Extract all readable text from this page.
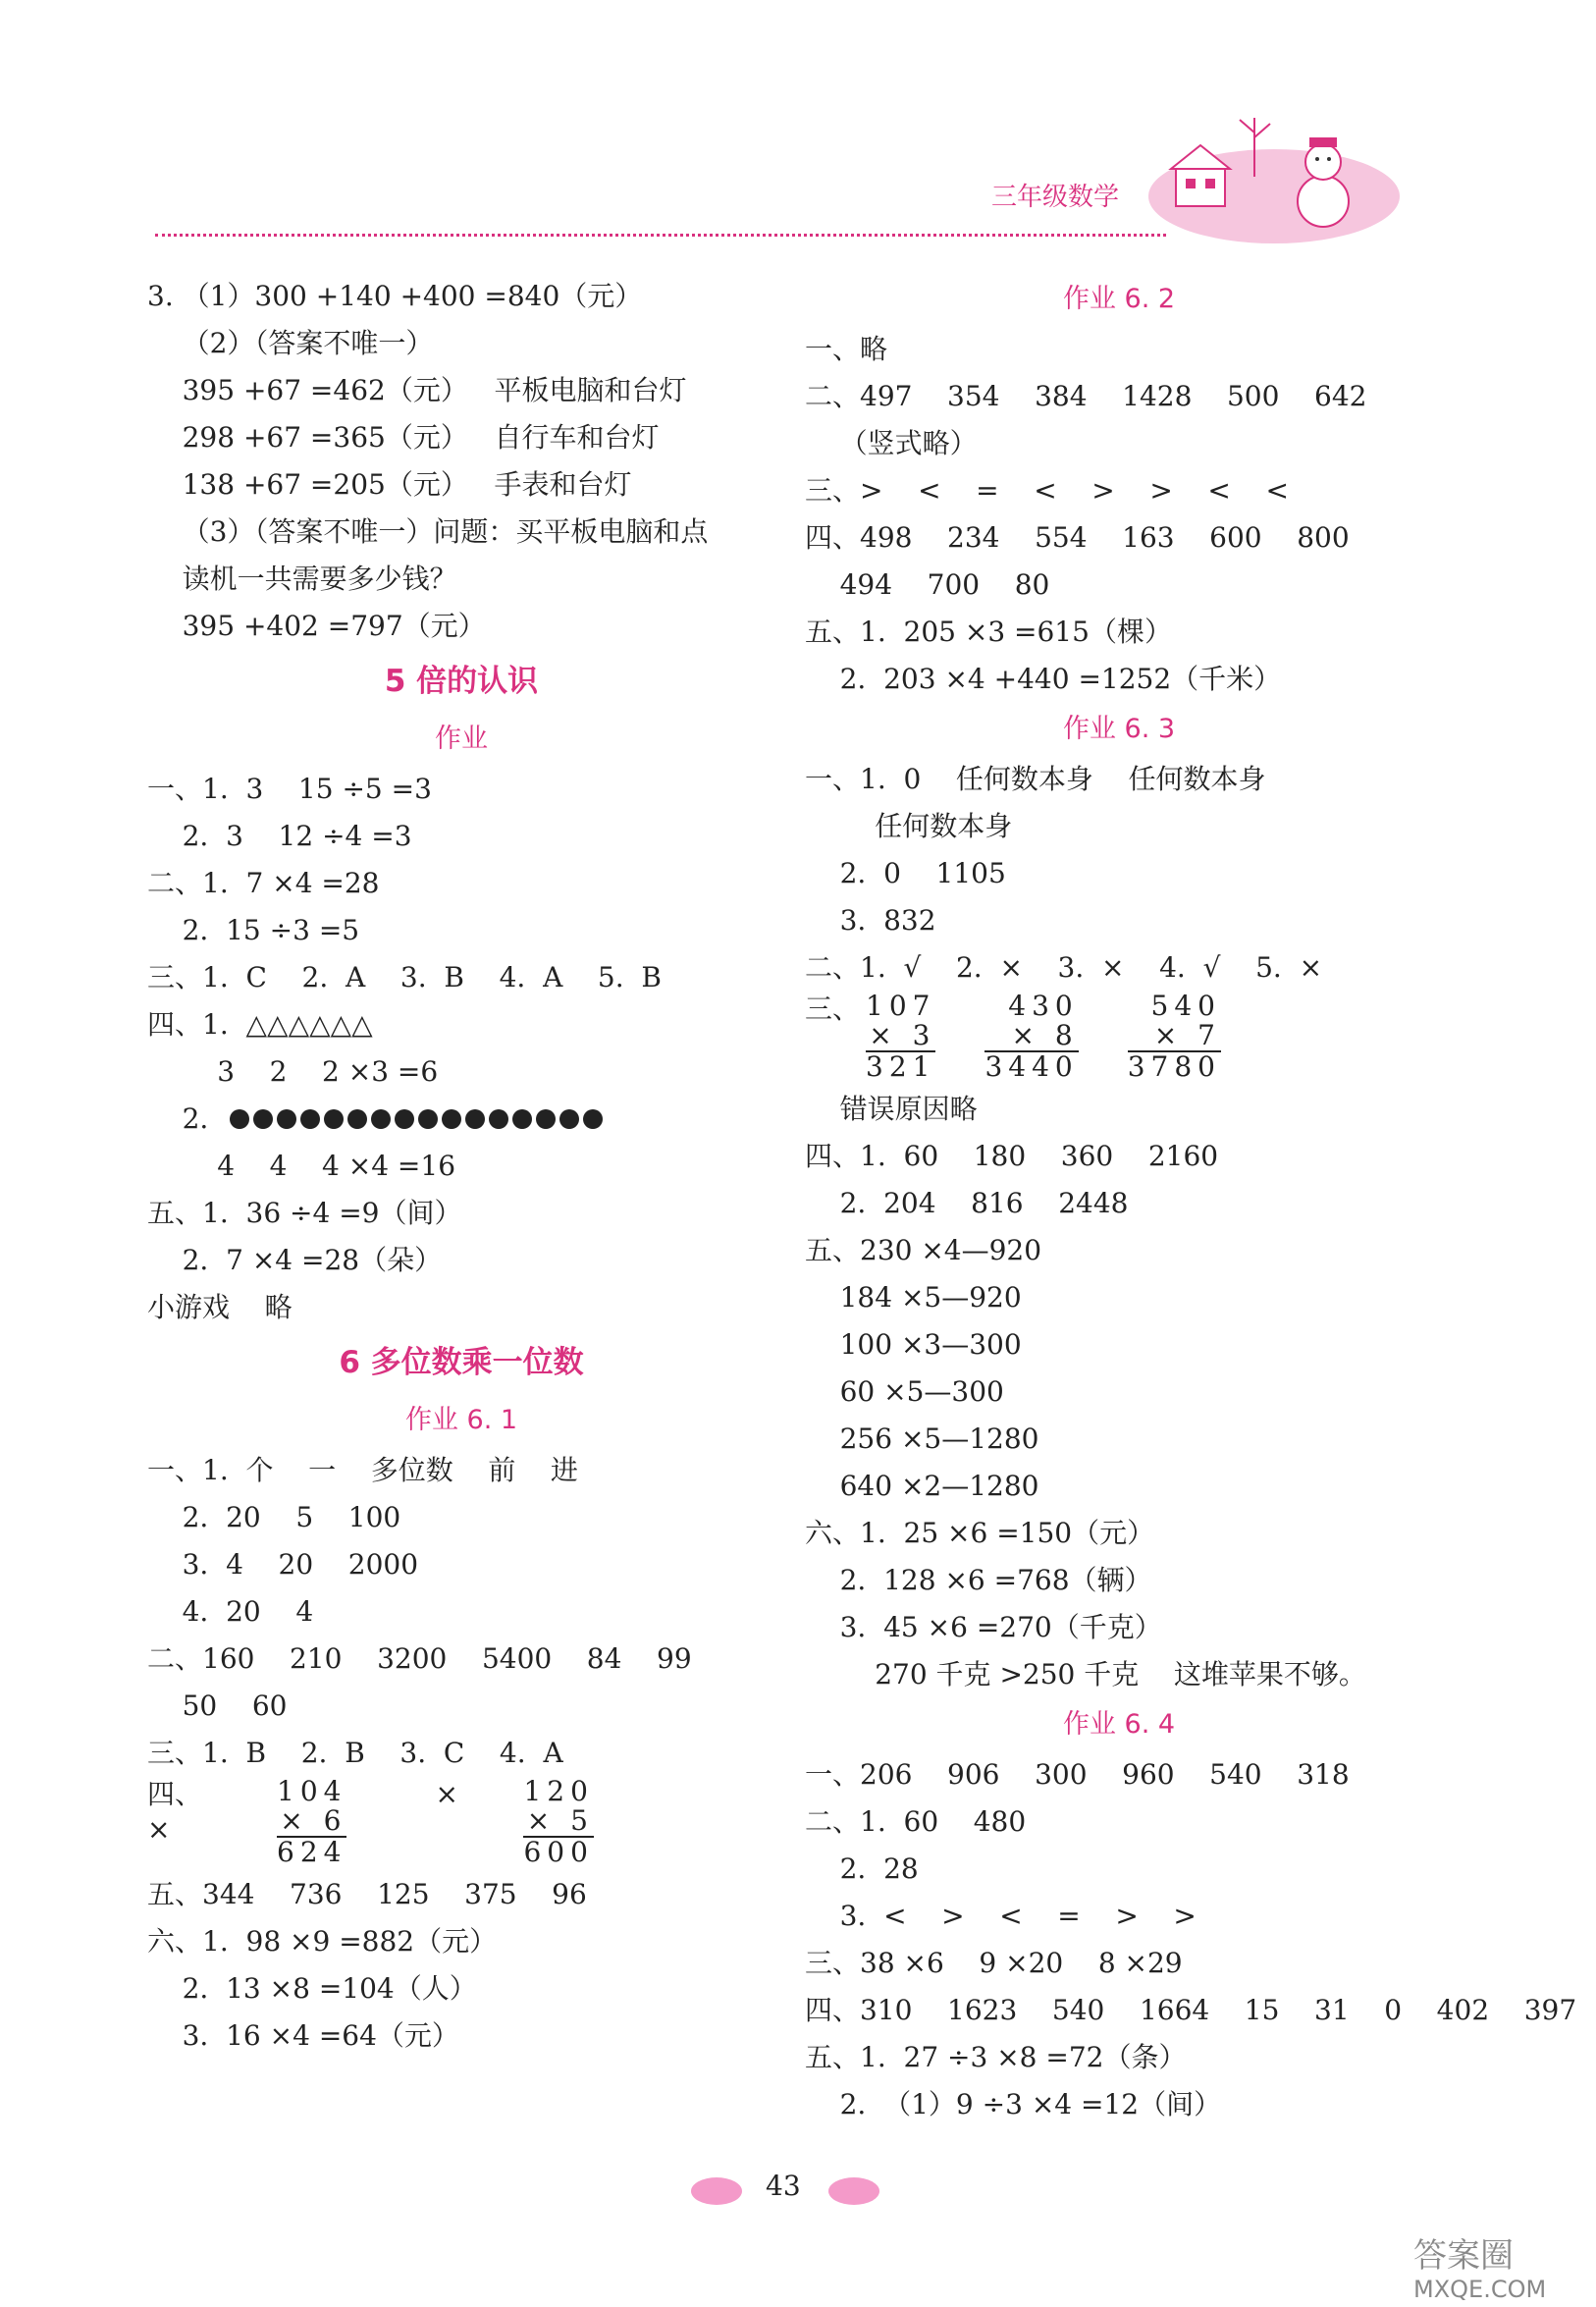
三年级数学
3. （1）300 +140 +400 =840（元）
（2）（答案不唯一）
395 +67 =462（元）   平板电脑和台灯
298 +67 =365（元）   自行车和台灯
138 +67 =205（元）   手表和台灯
（3）（答案不唯一）问题：买平板电脑和点
读机一共需要多少钱？
395 +402 =797（元）
5 倍的认识
作业
一、1.  3    15 ÷5 =3
2.  3    12 ÷4 =3
二、1.  7 ×4 =28
2.  15 ÷3 =5
三、1.  C    2.  A    3.  B    4.  A    5.  B
四、1.  △△△△△△
3    2    2 ×3 =6
2.
4    4    4 ×4 =16
五、1.  36 ÷4 =9（间）
2.  7 ×4 =28（朵）
小游戏    略
6 多位数乘一位数
作业 6. 1
一、1.  个    一    多位数    前    进
2.  20    5    100
3.  4    20    2000
4.  20    4
二、160    210    3200    5400    84    99
50    60
三、1.  B    2.  B    3.  C    4.  A
四、×
104
× 6
624
×	120
× 5
600
五、344    736    125    375    96
六、1.  98 ×9 =882（元）
2.  13 ×8 =104（人）
3.  16 ×4 =64（元）
作业 6. 2
一、略
二、497    354    384    1428    500    642
（竖式略）
三、>    <    =    <    >    >    <    <
四、498    234    554    163    600    800
494    700    80
五、1.  205 ×3 =615（棵）
2.  203 ×4 +440 =1252（千米）
作业 6. 3
一、1.  0    任何数本身    任何数本身
任何数本身
2.  0    1105
3.  832
二、1.  √    2.  ×    3.  ×    4.  √    5.  ×
三、 107
× 3
321
430
× 8
3440
540
× 7
3780
错误原因略
四、1.  60    180    360    2160
2.  204    816    2448
五、230 ×4—920
184 ×5—920
100 ×3—300
60 ×5—300
256 ×5—1280
640 ×2—1280
六、1.  25 ×6 =150（元）
2.  128 ×6 =768（辆）
3.  45 ×6 =270（千克）
270 千克 >250 千克    这堆苹果不够。
作业 6. 4
一、206    906    300    960    540    318
二、1.  60    480
2.  28
3.  <    >    <    =    >    >
三、38 ×6    9 ×20    8 ×29
四、310    1623    540    1664    15    31    0    402    397
五、1.  27 ÷3 ×8 =72（条）
2.  （1）9 ÷3 ×4 =12（间）
43
答案圈
MXQE.COM
